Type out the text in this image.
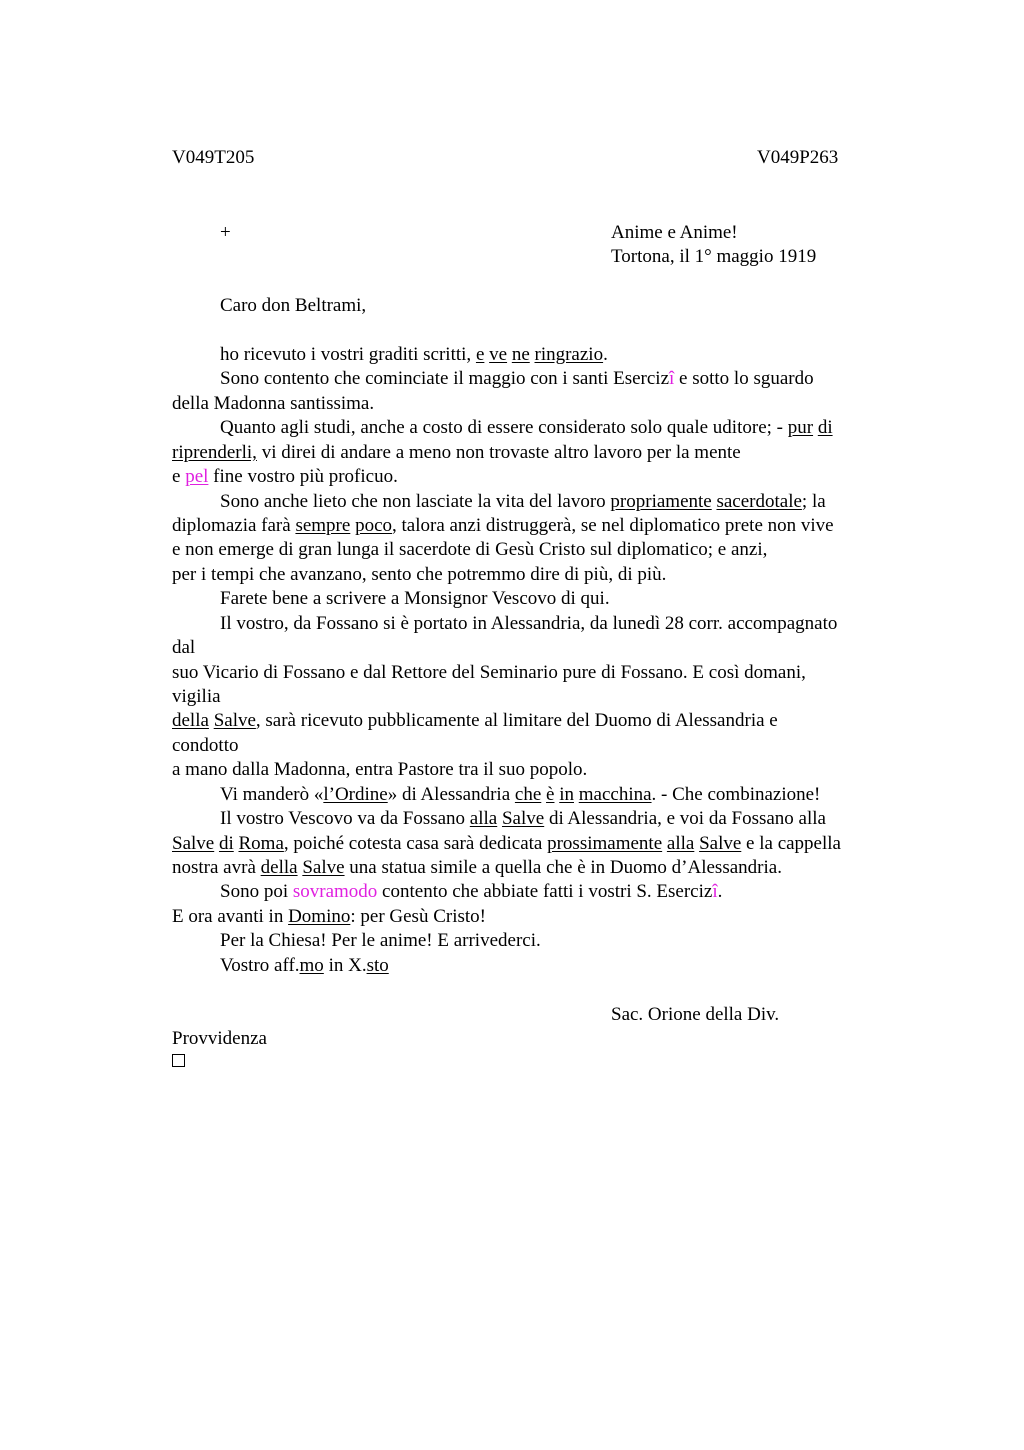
V049T205	V049P263
+	Anime e Anime!
Tortona, il 1° maggio 1919
Caro don Beltrami,
ho ricevuto i vostri graditi scritti, e ve ne ringrazio.
Sono contento che cominciate il maggio con i santi Esercizî e sotto lo sguardo
della Madonna santissima.
Quanto agli studi, anche a costo di essere considerato solo quale uditore; - pur di
riprenderli, vi direi di andare a meno non trovaste altro lavoro per la mente
e pel fine vostro più proficuo.
Sono anche lieto che non lasciate la vita del lavoro propriamente sacerdotale; la
diplomazia farà sempre poco, talora anzi distruggerà, se nel diplomatico prete non vive
e non emerge di gran lunga il sacerdote di Gesù Cristo sul diplomatico; e anzi,
per i tempi che avanzano, sento che potremmo dire di più, di più.
Farete bene a scrivere a Monsignor Vescovo di qui.
Il vostro, da Fossano si è portato in Alessandria, da lunedì 28 corr. accompagnato
dal
suo Vicario di Fossano e dal Rettore del Seminario pure di Fossano. E così domani,
vigilia
della Salve, sarà ricevuto pubblicamente al limitare del Duomo di Alessandria e
condotto
a mano dalla Madonna, entra Pastore tra il suo popolo.
Vi manderò «l’Ordine» di Alessandria che è in macchina. - Che combinazione!
Il vostro Vescovo va da Fossano alla Salve di Alessandria, e voi da Fossano alla
Salve di Roma, poiché cotesta casa sarà dedicata prossimamente alla Salve e la cappella
nostra avrà della Salve una statua simile a quella che è in Duomo d’Alessandria.
Sono poi sovramodo contento che abbiate fatti i vostri S. Esercizî.
E ora avanti in Domino: per Gesù Cristo!
Per la Chiesa! Per le anime! E arrivederci.
Vostro aff.mo in X.sto
Sac. Orione della Div.
Provvidenza
